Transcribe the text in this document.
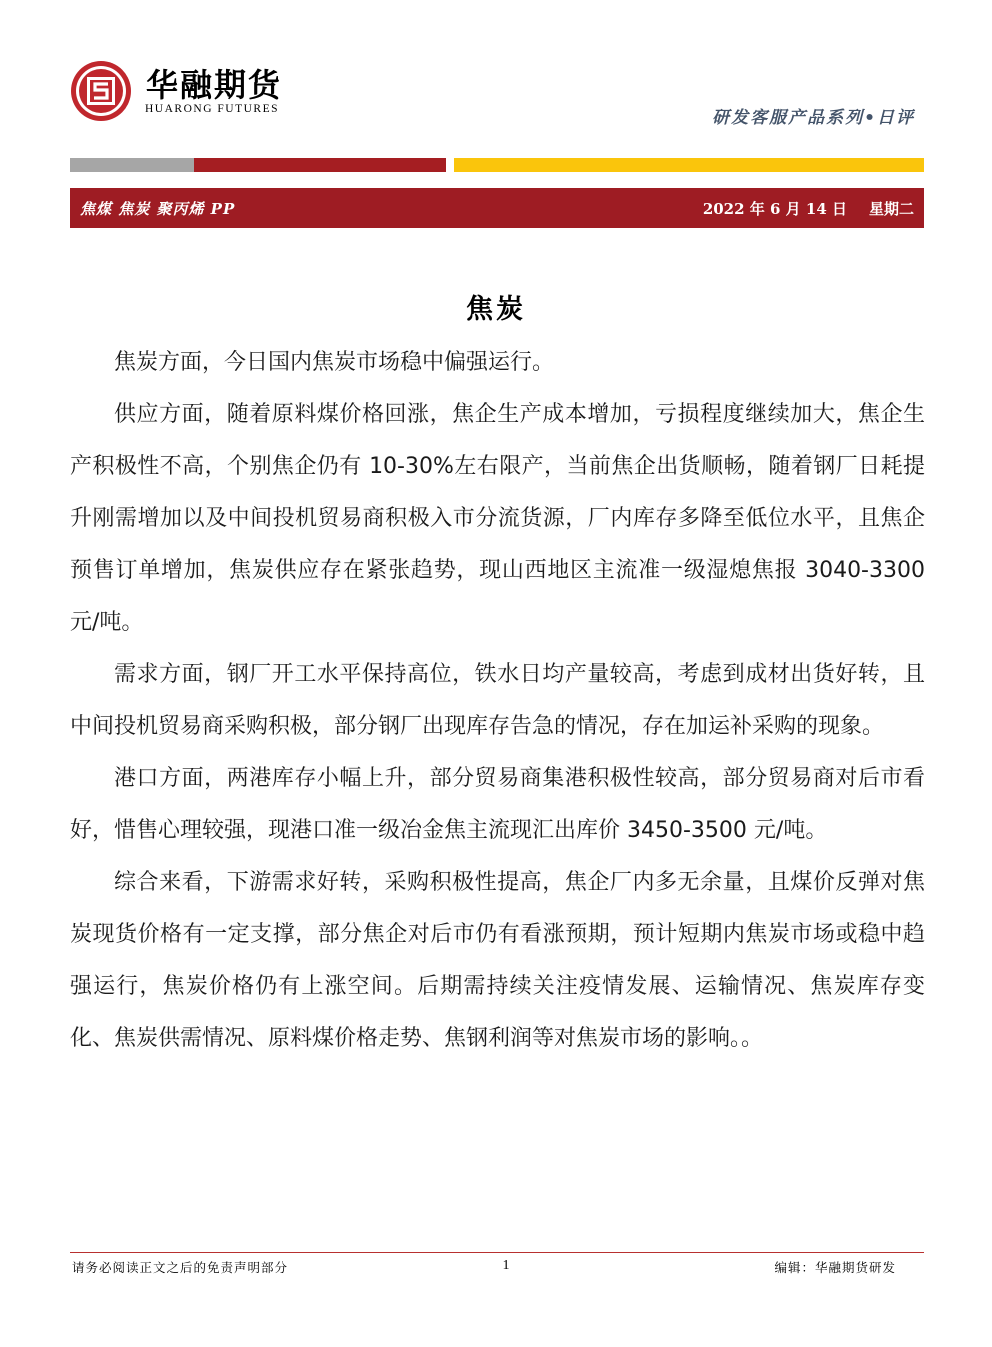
华融期货
HUARONG FUTURES	研发客服产品系列•日评
焦煤 焦炭 聚丙烯 PP	2022 年 6 月 14 日 星期二
焦炭

焦炭方面，今日国内焦炭市场稳中偏强运行。

供应方面，随着原料煤价格回涨，焦企生产成本增加，亏损程度继续加大，焦企生产积极性不高，个别焦企仍有 10-30%左右限产，当前焦企出货顺畅，随着钢厂日耗提升刚需增加以及中间投机贸易商积极入市分流货源，厂内库存多降至低位水平，且焦企预售订单增加，焦炭供应存在紧张趋势，现山西地区主流准一级湿熄焦报 3040-3300 元/吨。

需求方面，钢厂开工水平保持高位，铁水日均产量较高，考虑到成材出货好转，且中间投机贸易商采购积极，部分钢厂出现库存告急的情况，存在加运补采购的现象。

港口方面，两港库存小幅上升，部分贸易商集港积极性较高，部分贸易商对后市看好，惜售心理较强，现港口准一级冶金焦主流现汇出库价 3450-3500 元/吨。

综合来看，下游需求好转，采购积极性提高，焦企厂内多无余量，且煤价反弹对焦炭现货价格有一定支撑，部分焦企对后市仍有看涨预期，预计短期内焦炭市场或稳中趋强运行，焦炭价格仍有上涨空间。后期需持续关注疫情发展、运输情况、焦炭库存变化、焦炭供需情况、原料煤价格走势、焦钢利润等对焦炭市场的影响。。

请务必阅读正文之后的免责声明部分	1	编辑：华融期货研发
